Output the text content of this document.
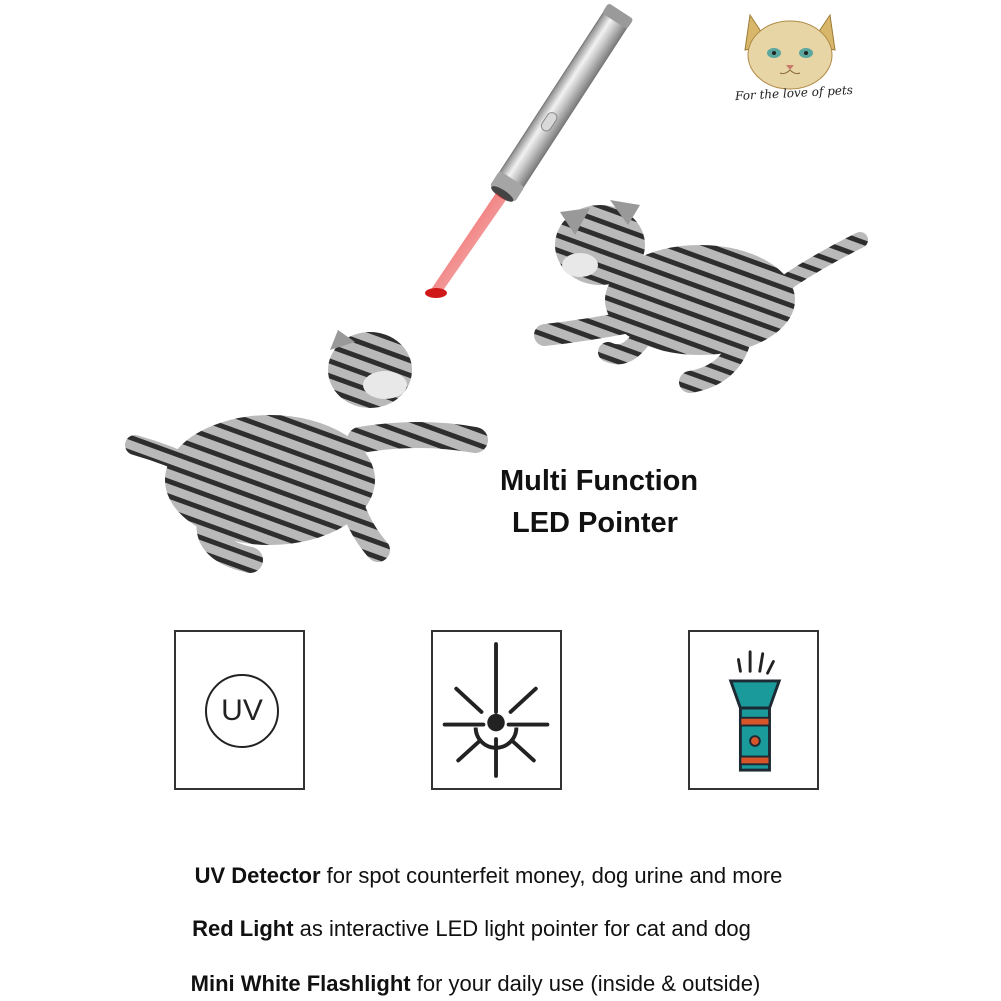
For the love of pets
Multi Function
LED Pointer
UV
UV Detector for spot counterfeit money, dog urine and more
Red Light as interactive LED light pointer for cat and dog
Mini White Flashlight for your daily use (inside & outside)
